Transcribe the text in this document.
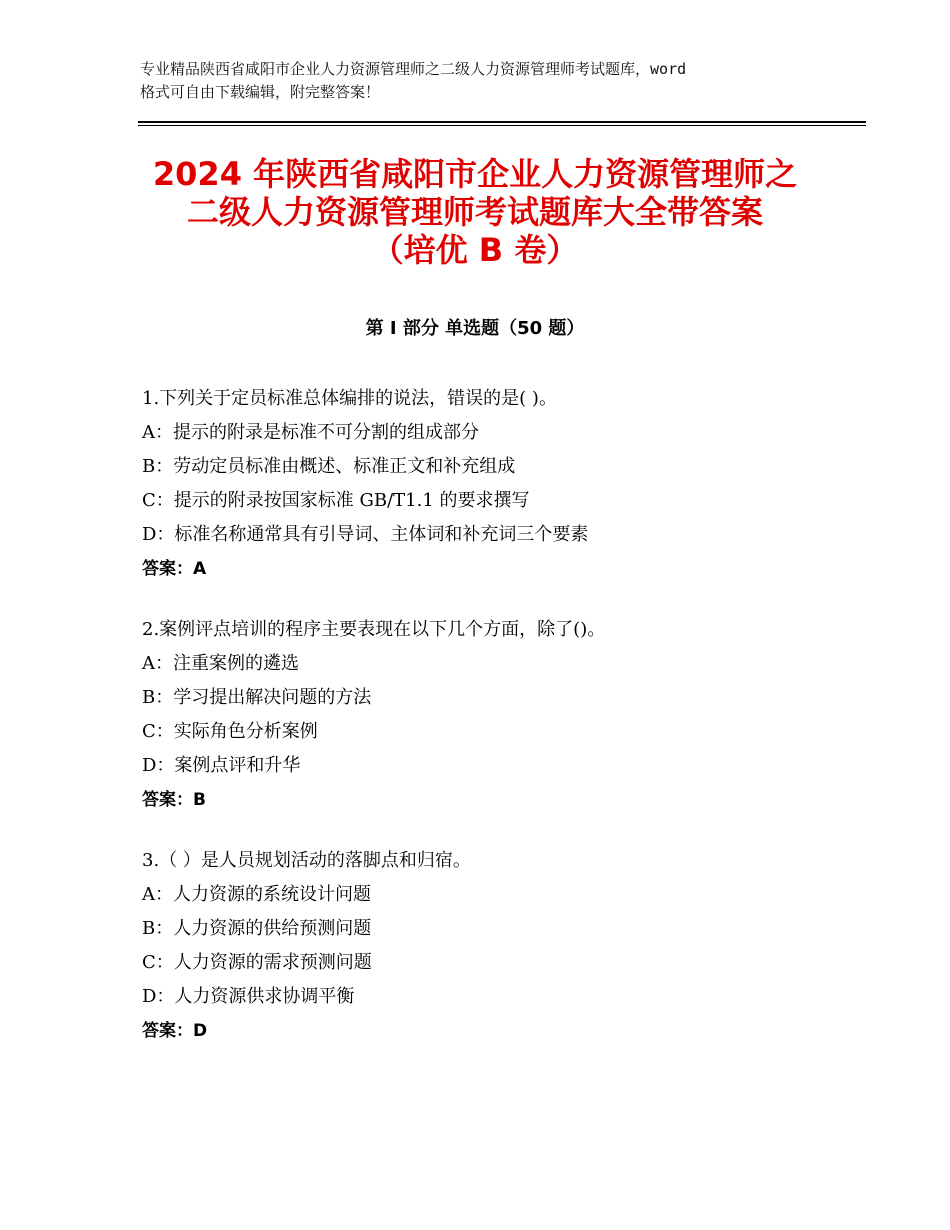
专业精品陕西省咸阳市企业人力资源管理师之二级人力资源管理师考试题库，word
格式可自由下载编辑，附完整答案！
2024 年陕西省咸阳市企业人力资源管理师之
二级人力资源管理师考试题库大全带答案
（培优 B 卷）
第 I 部分 单选题（50 题）
1.下列关于定员标准总体编排的说法，错误的是( )。
A：提示的附录是标准不可分割的组成部分
B：劳动定员标准由概述、标准正文和补充组成
C：提示的附录按国家标准 GB/T1.1 的要求撰写
D：标准名称通常具有引导词、主体词和补充词三个要素
答案：A
2.案例评点培训的程序主要表现在以下几个方面，除了()。
A：注重案例的遴选
B：学习提出解决问题的方法
C：实际角色分析案例
D：案例点评和升华
答案：B
3.（ ）是人员规划活动的落脚点和归宿。
A：人力资源的系统设计问题
B：人力资源的供给预测问题
C：人力资源的需求预测问题
D：人力资源供求协调平衡
答案：D
